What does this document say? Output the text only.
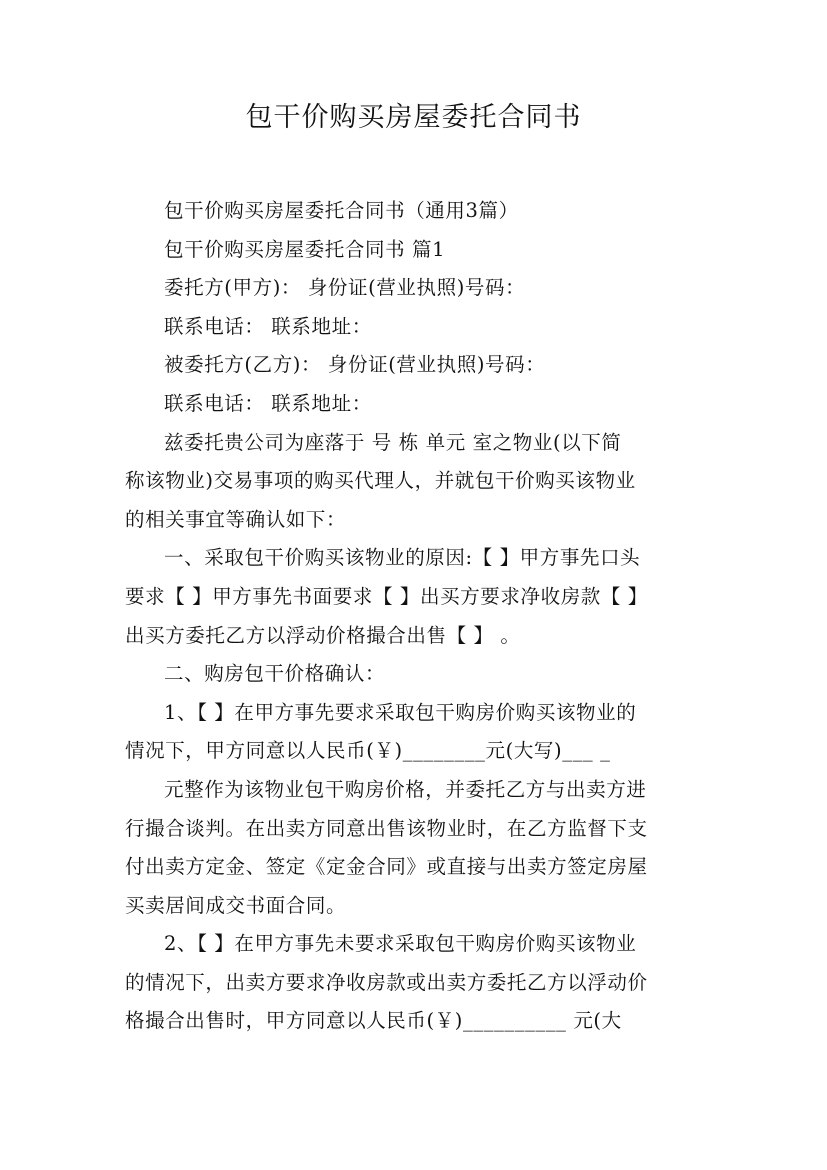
包干价购买房屋委托合同书

包干价购买房屋委托合同书（通用3篇）

包干价购买房屋委托合同书 篇1

委托方(甲方)： 身份证(营业执照)号码：

联系电话： 联系地址：

被委托方(乙方)： 身份证(营业执照)号码：

联系电话： 联系地址：

兹委托贵公司为座落于 号 栋 单元 室之物业(以下简
称该物业)交易事项的购买代理人，并就包干价购买该物业
的相关事宜等确认如下：

一、采取包干价购买该物业的原因:【 】甲方事先口头
要求【 】甲方事先书面要求【 】出买方要求净收房款【 】
出买方委托乙方以浮动价格撮合出售【 】 。

二、购房包干价格确认：

1、【 】在甲方事先要求采取包干购房价购买该物业的
情况下，甲方同意以人民币(￥)________元(大写)___ _

元整作为该物业包干购房价格，并委托乙方与出卖方进
行撮合谈判。在出卖方同意出售该物业时，在乙方监督下支
付出卖方定金、签定《定金合同》或直接与出卖方签定房屋
买卖居间成交书面合同。

2、【 】在甲方事先未要求采取包干购房价购买该物业
的情况下，出卖方要求净收房款或出卖方委托乙方以浮动价
格撮合出售时，甲方同意以人民币(￥)__________ 元(大
